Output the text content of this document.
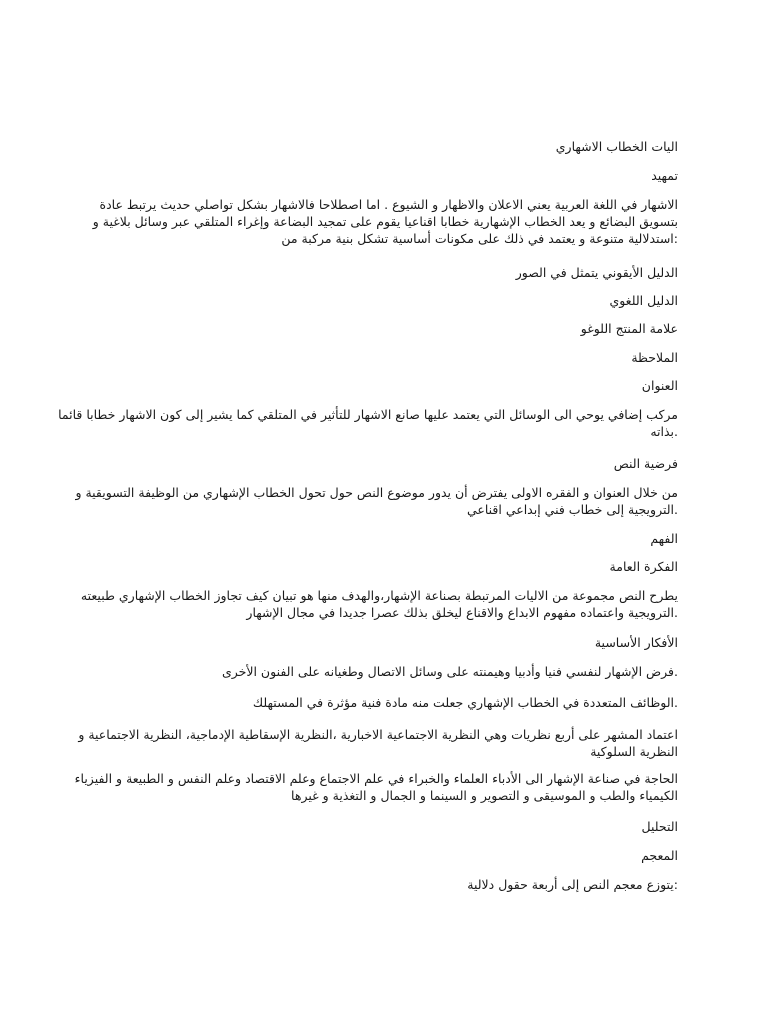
اليات الخطاب الاشهاري
تمهيد
الاشهار في اللغة العربية يعني الاعلان والاظهار و الشيوع . اما اصطلاحا فالاشهار بشكل تواصلي حديث يرتبط عادة
بتسويق البضائع و يعد الخطاب الإشهارية خطابا اقناعيا يقوم على تمجيد البضاعة وإغراء المتلقي عبر وسائل بلاغية و
:استدلالية متنوعة و يعتمد في ذلك على مكونات أساسية تشكل بنية مركبة من
الدليل الأيقوني يتمثل في الصور
الدليل اللغوي
علامة المنتج اللوغو
الملاحظة
العنوان
مركب إضافي يوحي الى الوسائل التي يعتمد عليها صانع الاشهار للتأثير في المتلقي كما يشير إلى كون الاشهار خطابا قائما
.بذاته
فرضية النص
من خلال العنوان و الفقره الاولى يفترض أن يدور موضوع النص حول تحول الخطاب الإشهاري من الوظيفة التسويقية و
.الترويجية إلى خطاب فني إبداعي اقناعي
الفهم
الفكرة العامة
يطرح النص مجموعة من الاليات المرتبطة بصناعة الإشهار،والهدف منها هو تبيان كيف تجاوز الخطاب الإشهاري طبيعته
.الترويجية واعتماده مفهوم الابداع والاقناع ليخلق بذلك عصرا جديدا في مجال الإشهار
الأفكار الأساسية
.فرض الإشهار لنفسي فنيا وأدبيا وهيمنته على وسائل الاتصال وطغيانه على الفنون الأخرى
.الوظائف المتعددة في الخطاب الإشهاري جعلت منه مادة فنية مؤثرة في المستهلك
اعتماد المشهر على أربع نظريات وهي النظرية الاجتماعية الاخبارية ،النظرية الإسقاطية الإدماجية، النظرية الاجتماعية و
النظرية السلوكية
الحاجة في صناعة الإشهار الى الأدباء العلماء والخبراء في علم الاجتماع وعلم الاقتصاد وعلم النفس و الطبيعة و الفيزياء
الكيمياء والطب و الموسيقى و التصوير و السينما و الجمال و التغذية و غيرها
التحليل
المعجم
:يتوزع معجم النص إلى أربعة حقول دلالية
